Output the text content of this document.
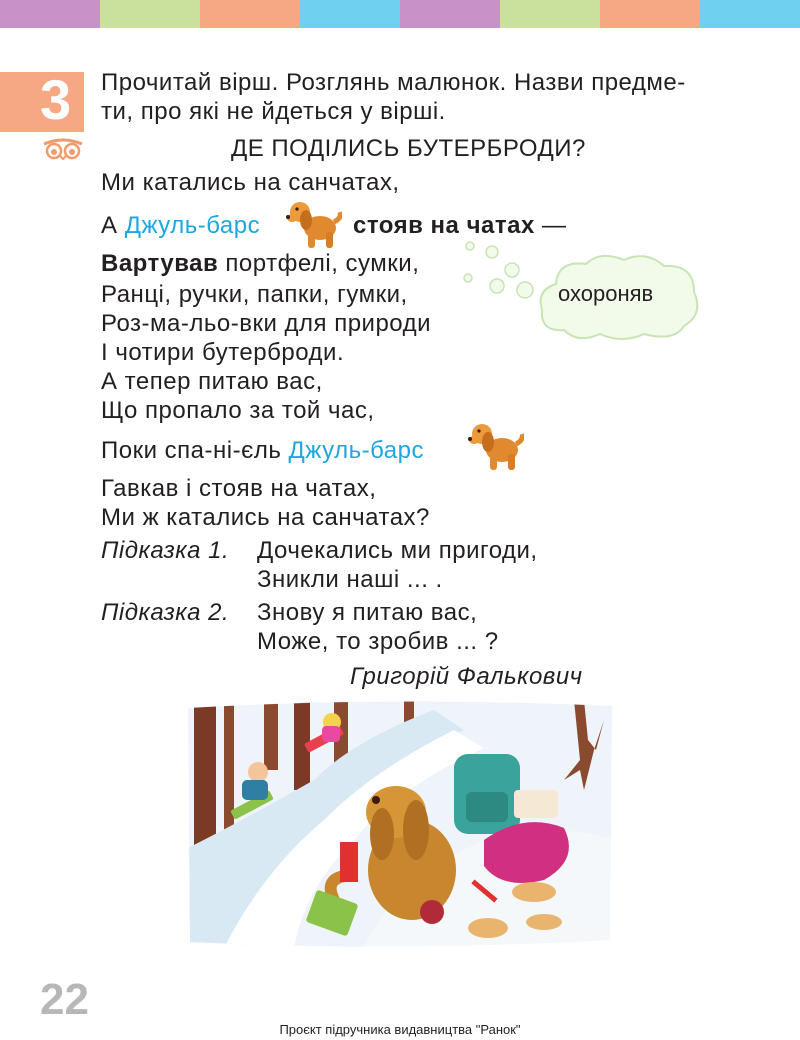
3	Прочитай вірш. Розглянь малюнок. Назви предме-
ти, про які не йдеться у вірші.
ДЕ ПОДІЛИСЬ БУТЕРБРОДИ?
Ми катались на санчатах,
А Джуль-барс	стояв на чатах —
Вартував портфелі, сумки,
Ранці, ручки, папки, гумки,
Роз-ма-льо-вки для природи
І чотири бутерброди.
А тепер питаю вас,
Що пропало за той час,
Поки спа-ні-єль Джуль-барс
Гавкав і стояв на чатах,
Ми ж катались на санчатах?
Підказка 1. Дочекались ми пригоди,
Зникли наші ... .
Підказка 2. Знову я питаю вас,
Може, то зробив ... ?
Григорій Фалькович
охороняв
22
Проєкт підручника видавництва "Ранок"
